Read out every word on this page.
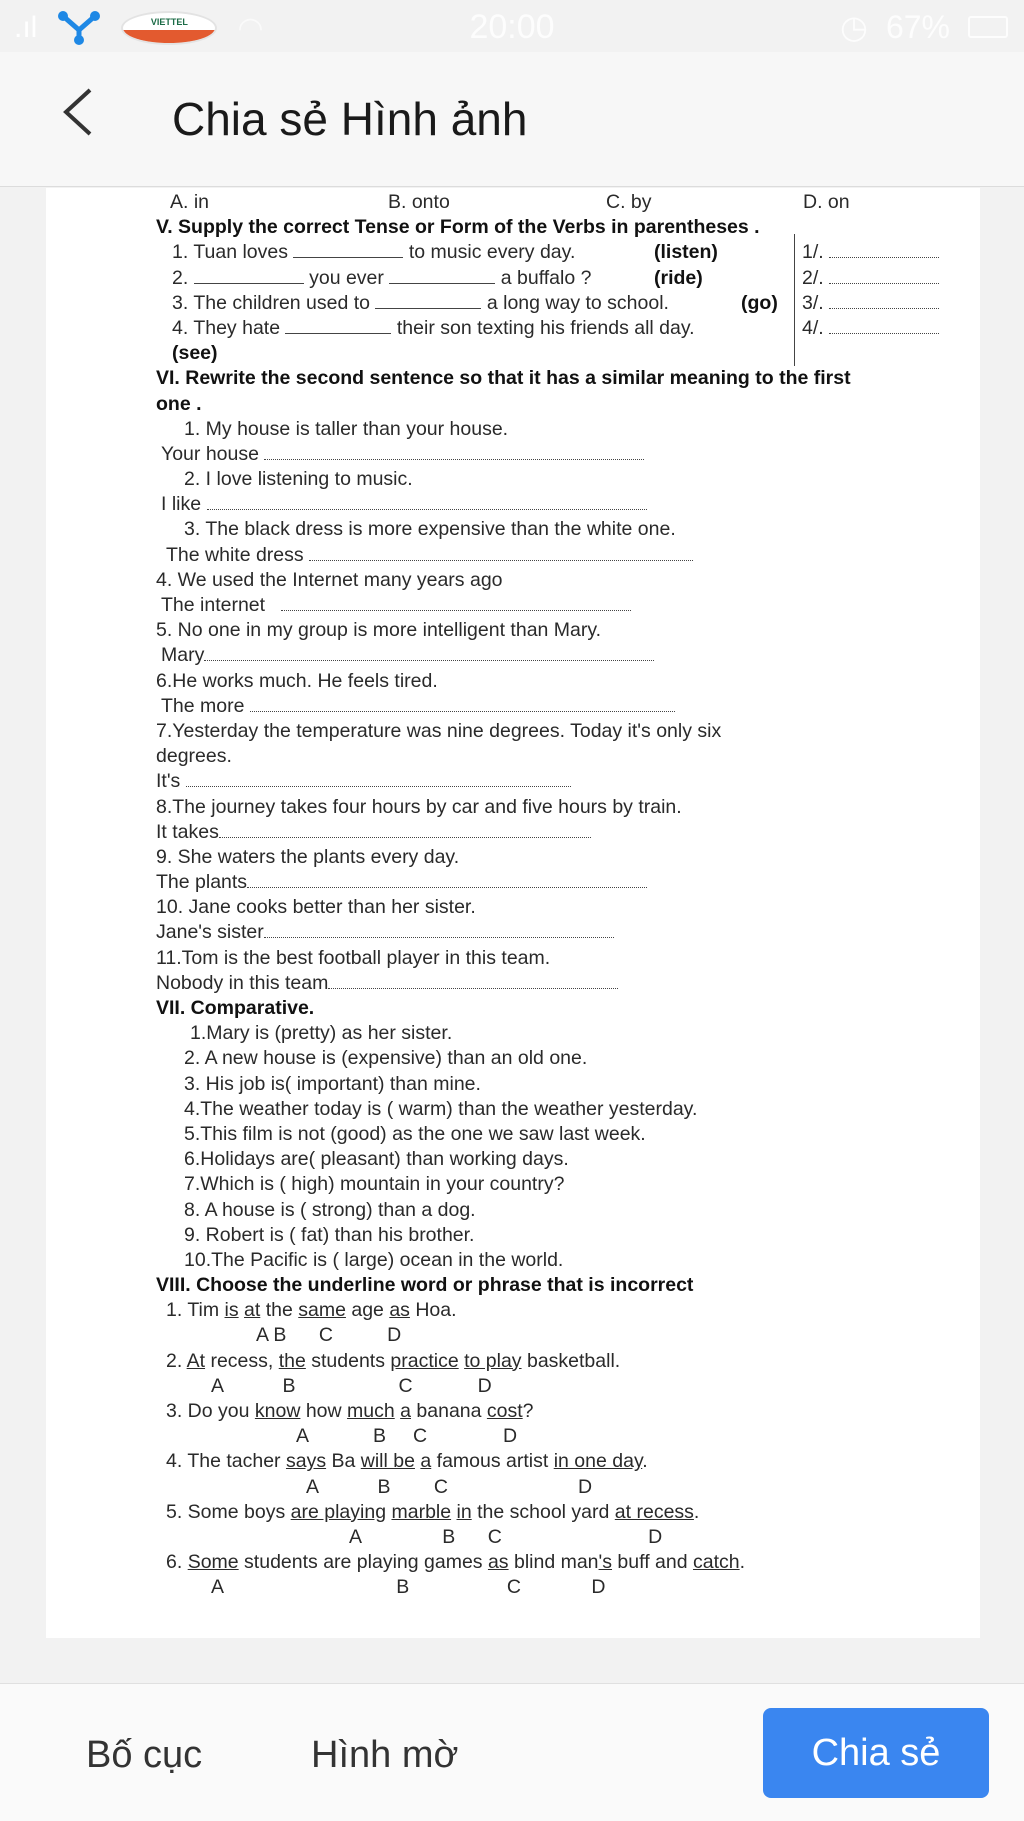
.ıl	VIETTEL	◠	20:00	◷ 67%
Chia sẻ Hình ảnh
A. in	B. onto	C. by	D. on
V. Supply the correct Tense or Form of the Verbs in parentheses .
1. Tuan loves	to music every day.	(listen)	1/.
2.	you ever	a buffalo ?	(ride)	2/.
3. The children used to	a long way to school.	(go) 3/.
4. They hate	their son texting his friends all day.	4/.
(see)
VI. Rewrite the second sentence so that it has a similar meaning to the first
one .
1. My house is taller than your house.
Your house
2. I love listening to music.
I like
3. The black dress is more expensive than the white one.
The white dress
4. We used the Internet many years ago
The internet
5. No one in my group is more intelligent than Mary.
Mary
6.He works much. He feels tired.
The more
7.Yesterday the temperature was nine degrees. Today it's only six
degrees.
It's
8.The journey takes four hours by car and five hours by train.
It takes
9. She waters the plants every day.
The plants
10. Jane cooks better than her sister.
Jane's sister
11.Tom is the best football player in this team.
Nobody in this team
VII. Comparative.
1.Mary is (pretty) as her sister.
2. A new house is (expensive) than an old one.
3. His job is( important) than mine.
4.The weather today is ( warm) than the weather yesterday.
5.This film is not (good) as the one we saw last week.
6.Holidays are( pleasant) than working days.
7.Which is ( high) mountain in your country?
8. A house is ( strong) than a dog.
9. Robert is ( fat) than his brother.
10.The Pacific is ( large) ocean in the world.
VIII. Choose the underline word or phrase that is incorrect
1. Tim is at the same age as Hoa.
A B      C          D
2. At recess, the students practice to play basketball.
A           B                   C            D
3. Do you know how much a banana cost?
A            B     C              D
4. The tacher says Ba will be a famous artist in one day.
A           B        C                        D
5. Some boys are playing marble in the school yard at recess.
A               B      C                           D
6. Some students are playing games as blind man's buff and catch.
A                                B                  C             D
Bố cục	Hình mờ	Chia sẻ
